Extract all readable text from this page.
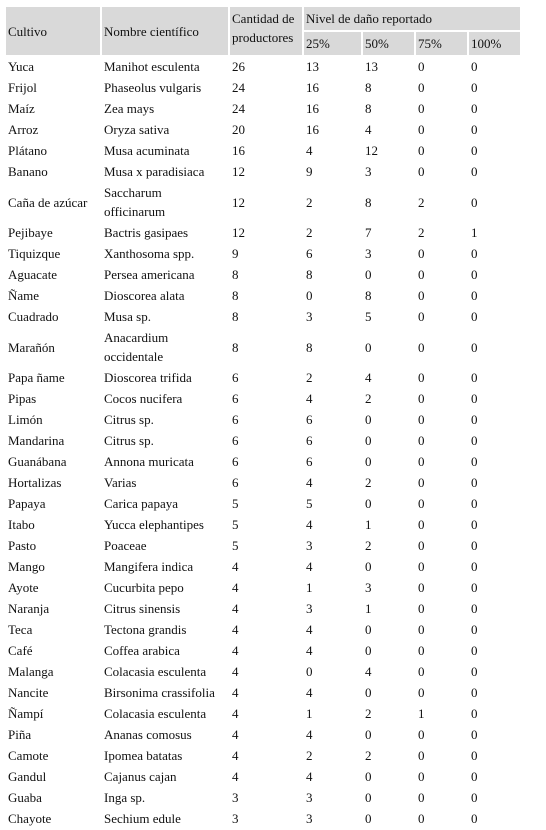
Cultivo	Nombre científico	Cantidad de productores	Nivel de daño reportado			
			25%	50%	75%	100%
Yuca	Manihot esculenta	26	13	13	0	0
Frijol	Phaseolus vulgaris	24	16	8	0	0
Maíz	Zea mays	24	16	8	0	0
Arroz	Oryza sativa	20	16	4	0	0
Plátano	Musa acuminata	16	4	12	0	0
Banano	Musa x paradisiaca	12	9	3	0	0
Caña de azúcar	Saccharum officinarum	12	2	8	2	0
Pejibaye	Bactris gasipaes	12	2	7	2	1
Tiquizque	Xanthosoma spp.	9	6	3	0	0
Aguacate	Persea americana	8	8	0	0	0
Ñame	Dioscorea alata	8	0	8	0	0
Cuadrado	Musa sp.	8	3	5	0	0
Marañón	Anacardium occidentale	8	8	0	0	0
Papa ñame	Dioscorea trifida	6	2	4	0	0
Pipas	Cocos nucifera	6	4	2	0	0
Limón	Citrus sp.	6	6	0	0	0
Mandarina	Citrus sp.	6	6	0	0	0
Guanábana	Annona muricata	6	6	0	0	0
Hortalizas	Varias	6	4	2	0	0
Papaya	Carica papaya	5	5	0	0	0
Itabo	Yucca elephantipes	5	4	1	0	0
Pasto	Poaceae	5	3	2	0	0
Mango	Mangifera indica	4	4	0	0	0
Ayote	Cucurbita pepo	4	1	3	0	0
Naranja	Citrus sinensis	4	3	1	0	0
Teca	Tectona grandis	4	4	0	0	0
Café	Coffea arabica	4	4	0	0	0
Malanga	Colacasia esculenta	4	0	4	0	0
Nancite	Birsonima crassifolia	4	4	0	0	0
Ñampí	Colacasia esculenta	4	1	2	1	0
Piña	Ananas comosus	4	4	0	0	0
Camote	Ipomea batatas	4	2	2	0	0
Gandul	Cajanus cajan	4	4	0	0	0
Guaba	Inga sp.	3	3	0	0	0
Chayote	Sechium edule	3	3	0	0	0
